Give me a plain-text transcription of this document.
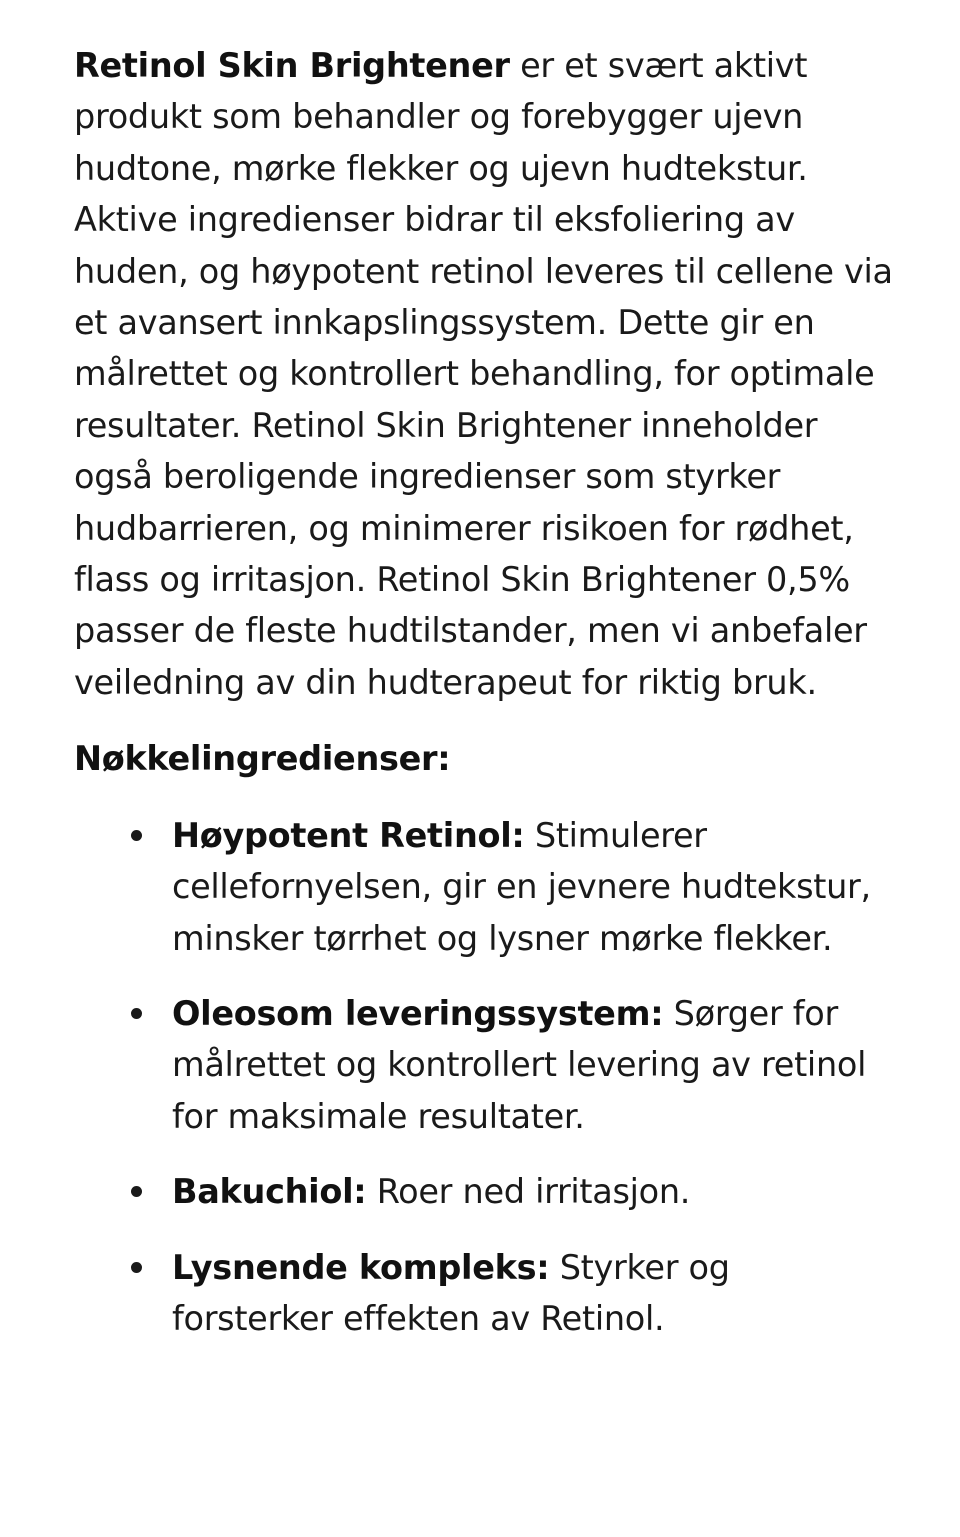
Retinol Skin Brightener er et svært aktivt produkt som behandler og forebygger ujevn hudtone, mørke flekker og ujevn hudtekstur. Aktive ingredienser bidrar til eksfoliering av huden, og høypotent retinol leveres til cellene via et avansert innkapslingssystem. Dette gir en målrettet og kontrollert behandling, for optimale resultater. Retinol Skin Brightener inneholder også beroligende ingredienser som styrker hudbarrieren, og minimerer risikoen for rødhet, flass og irritasjon. Retinol Skin Brightener 0,5% passer de fleste hudtilstander, men vi anbefaler veiledning av din hudterapeut for riktig bruk.

Nøkkelingredienser:
Høypotent Retinol: Stimulerer cellefornyelsen, gir en jevnere hudtekstur, minsker tørrhet og lysner mørke flekker.
Oleosom leveringssystem: Sørger for målrettet og kontrollert levering av retinol for maksimale resultater.
Bakuchiol: Roer ned irritasjon.
Lysnende kompleks: Styrker og forsterker effekten av Retinol.
